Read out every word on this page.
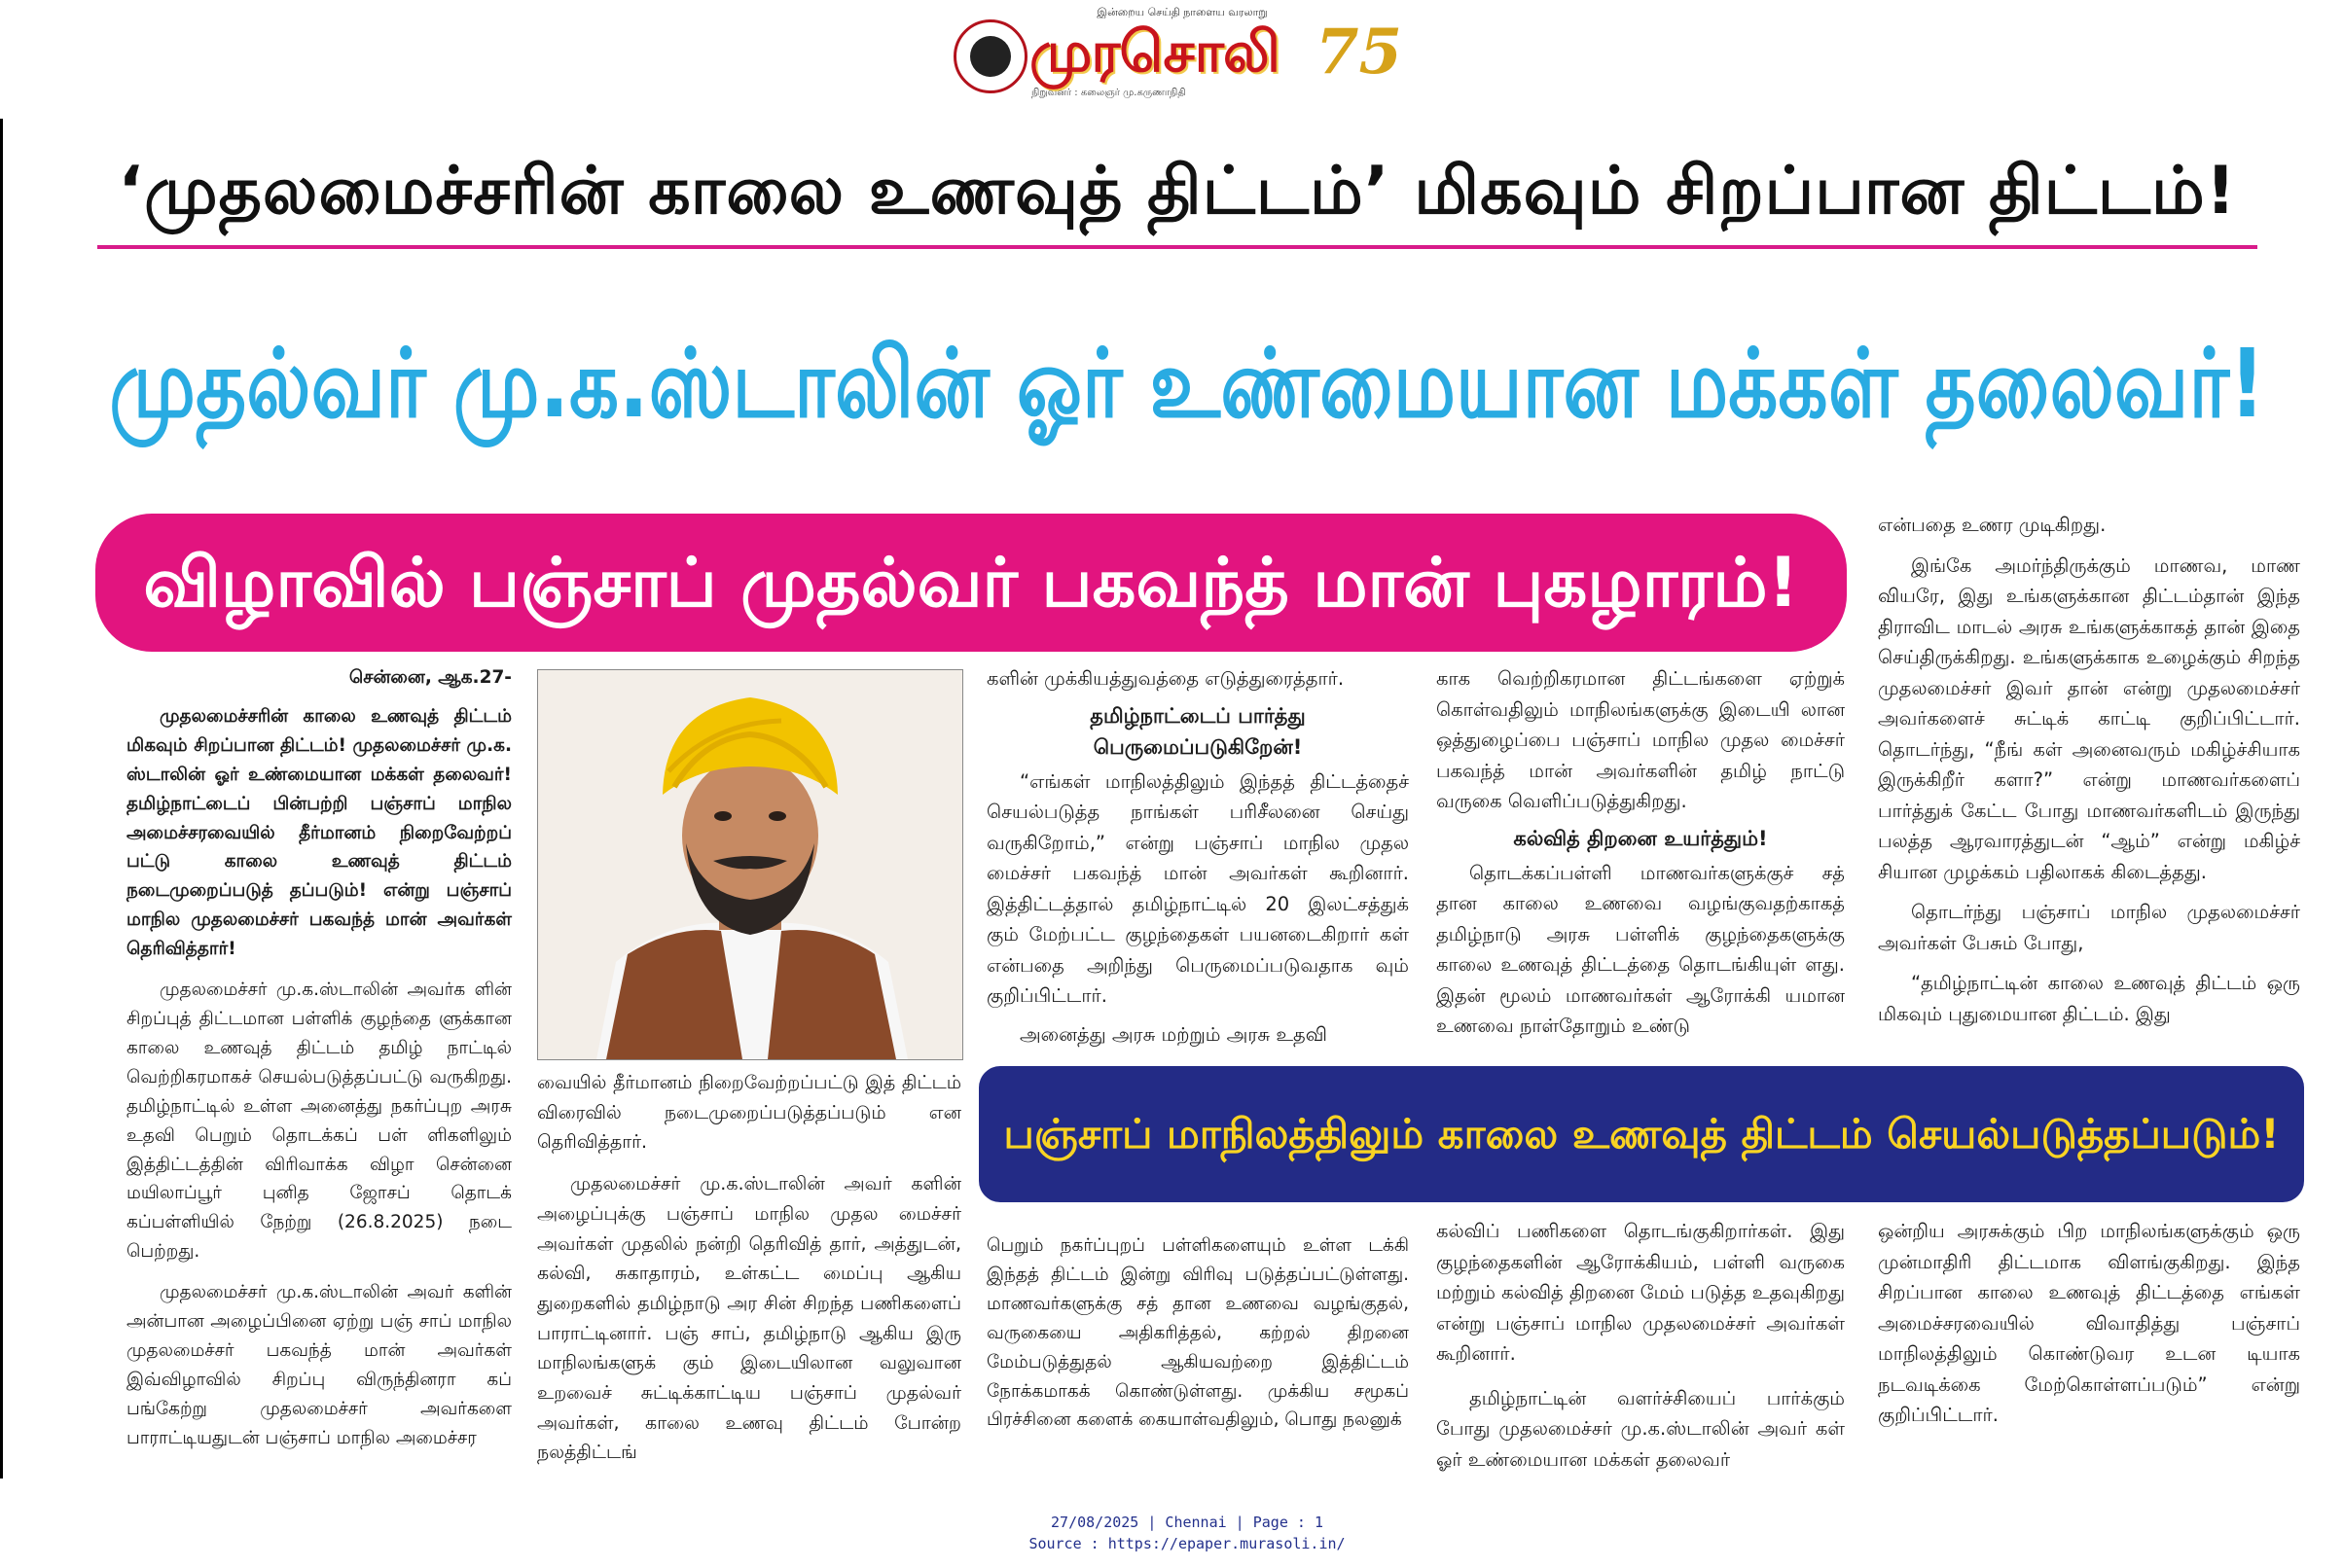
இன்றைய செய்தி நாளைய வரலாறு
முரசொலி 75
நிறுவனர் : கலைஞர் மு.கருணாநிதி
‘முதலமைச்சரின் காலை உணவுத் திட்டம்’ மிகவும் சிறப்பான திட்டம்!
முதல்வர் மு.க.ஸ்டாலின் ஓர் உண்மையான மக்கள் தலைவர்!
விழாவில் பஞ்சாப் முதல்வர் பகவந்த் மான் புகழாரம்!
பஞ்சாப் மாநிலத்திலும் காலை உணவுத் திட்டம் செயல்படுத்தப்படும்!

சென்னை, ஆக.27-

முதலமைச்சரின் காலை உணவுத் திட்டம் மிகவும் சிறப்பான திட்டம்! முதலமைச்சர் மு.க. ஸ்டாலின் ஓர் உண்மையான மக்கள் தலைவர்! தமிழ்நாட்டைப் பின்பற்றி பஞ்சாப் மாநில அமைச்சரவையில் தீர்மானம் நிறைவேற்றப் பட்டு காலை உணவுத் திட்டம் நடைமுறைப்படுத் தப்படும்! என்று பஞ்சாப் மாநில முதலமைச்சர் பகவந்த் மான் அவர்கள் தெரிவித்தார்!

முதலமைச்சர் மு.க.ஸ்டாலின் அவர்க ளின் சிறப்புத் திட்டமான பள்ளிக் குழந்தை ளுக்கான காலை உணவுத் திட்டம் தமிழ் நாட்டில் வெற்றிகரமாகச் செயல்படுத்தப்பட்டு வருகிறது. தமிழ்நாட்டில் உள்ள அனைத்து நகர்ப்புற அரசு உதவி பெறும் தொடக்கப் பள் ளிகளிலும் இத்திட்டத்தின் விரிவாக்க விழா சென்னை மயிலாப்பூர் புனித ஜோசப் தொடக் கப்பள்ளியில் நேற்று (26.8.2025) நடை பெற்றது.

முதலமைச்சர் மு.க.ஸ்டாலின் அவர் களின் அன்பான அழைப்பினை ஏற்று பஞ் சாப் மாநில முதலமைச்சர் பகவந்த் மான் அவர்கள் இவ்விழாவில் சிறப்பு விருந்தினரா கப் பங்கேற்று முதலமைச்சர் அவர்களை பாராட்டியதுடன் பஞ்சாப் மாநில அமைச்சர

களின் முக்கியத்துவத்தை எடுத்துரைத்தார்.

தமிழ்நாட்டைப் பார்த்து பெருமைப்படுகிறேன்!

“எங்கள் மாநிலத்திலும் இந்தத் திட்டத்தைச் செயல்படுத்த நாங்கள் பரிசீலனை செய்து வருகிறோம்,” என்று பஞ்சாப் மாநில முதல மைச்சர் பகவந்த் மான் அவர்கள் கூறினார். இத்திட்டத்தால் தமிழ்நாட்டில் 20 இலட்சத்துக் கும் மேற்பட்ட குழந்தைகள் பயனடைகிறார் கள் என்பதை அறிந்து பெருமைப்படுவதாக வும் குறிப்பிட்டார்.

அனைத்து அரசு மற்றும் அரசு உதவி

வையில் தீர்மானம் நிறைவேற்றப்பட்டு இத் திட்டம் விரைவில் நடைமுறைப்படுத்தப்படும் என தெரிவித்தார்.

முதலமைச்சர் மு.க.ஸ்டாலின் அவர் களின் அழைப்புக்கு பஞ்சாப் மாநில முதல மைச்சர் அவர்கள் முதலில் நன்றி தெரிவித் தார், அத்துடன், கல்வி, சுகாதாரம், உள்கட்ட மைப்பு ஆகிய துறைகளில் தமிழ்நாடு அர சின் சிறந்த பணிகளைப் பாராட்டினார். பஞ் சாப், தமிழ்நாடு ஆகிய இரு மாநிலங்களுக் கும் இடையிலான வலுவான உறவைச் சுட்டிக்காட்டிய பஞ்சாப் முதல்வர் அவர்கள், காலை உணவு திட்டம் போன்ற நலத்திட்டங்

காக வெற்றிகரமான திட்டங்களை ஏற்றுக் கொள்வதிலும் மாநிலங்களுக்கு இடையி லான ஒத்துழைப்பை பஞ்சாப் மாநில முதல மைச்சர் பகவந்த் மான் அவர்களின் தமிழ் நாட்டு வருகை வெளிப்படுத்துகிறது.

கல்வித் திறனை உயர்த்தும்!

தொடக்கப்பள்ளி மாணவர்களுக்குச் சத் தான காலை உணவை வழங்குவதற்காகத் தமிழ்நாடு அரசு பள்ளிக் குழந்தைகளுக்கு காலை உணவுத் திட்டத்தை தொடங்கியுள் ளது. இதன் மூலம் மாணவர்கள் ஆரோக்கி யமான உணவை நாள்தோறும் உண்டு

பெறும் நகர்ப்புறப் பள்ளிகளையும் உள்ள டக்கி இந்தத் திட்டம் இன்று விரிவு படுத்தப்பட்டுள்ளது. மாணவர்களுக்கு சத் தான உணவை வழங்குதல், வருகையை அதிகரித்தல், கற்றல் திறனை மேம்படுத்துதல் ஆகியவற்றை இத்திட்டம் நோக்கமாகக் கொண்டுள்ளது. முக்கிய சமூகப் பிரச்சினை களைக் கையாள்வதிலும், பொது நலனுக்

கல்விப் பணிகளை தொடங்குகிறார்கள். இது குழந்தைகளின் ஆரோக்கியம், பள்ளி வருகை மற்றும் கல்வித் திறனை மேம் படுத்த உதவுகிறது என்று பஞ்சாப் மாநில முதலமைச்சர் அவர்கள் கூறினார்.

தமிழ்நாட்டின் வளர்ச்சியைப் பார்க்கும் போது முதலமைச்சர் மு.க.ஸ்டாலின் அவர் கள் ஓர் உண்மையான மக்கள் தலைவர்

என்பதை உணர முடிகிறது.

இங்கே அமர்ந்திருக்கும் மாணவ, மாண வியரே, இது உங்களுக்கான திட்டம்தான் இந்த திராவிட மாடல் அரசு உங்களுக்காகத் தான் இதை செய்திருக்கிறது. உங்களுக்காக உழைக்கும் சிறந்த முதலமைச்சர் இவர் தான் என்று முதலமைச்சர் அவர்களைச் சுட்டிக் காட்டி குறிப்பிட்டார். தொடர்ந்து, “நீங் கள் அனைவரும் மகிழ்ச்சியாக இருக்கிறீர் களா?” என்று மாணவர்களைப் பார்த்துக் கேட்ட போது மாணவர்களிடம் இருந்து பலத்த ஆரவாரத்துடன் “ஆம்” என்று மகிழ்ச் சியான முழக்கம் பதிலாகக் கிடைத்தது.

தொடர்ந்து பஞ்சாப் மாநில முதலமைச்சர் அவர்கள் பேசும் போது,

“தமிழ்நாட்டின் காலை உணவுத் திட்டம் ஒரு மிகவும் புதுமையான திட்டம். இது

ஒன்றிய அரசுக்கும் பிற மாநிலங்களுக்கும் ஒரு முன்மாதிரி திட்டமாக விளங்குகிறது. இந்த சிறப்பான காலை உணவுத் திட்டத்தை எங்கள் அமைச்சரவையில் விவாதித்து பஞ்சாப் மாநிலத்திலும் கொண்டுவர உடன டியாக நடவடிக்கை மேற்கொள்ளப்படும்” என்று குறிப்பிட்டார்.

27/08/2025 | Chennai | Page : 1
Source : https://epaper.murasoli.in/
